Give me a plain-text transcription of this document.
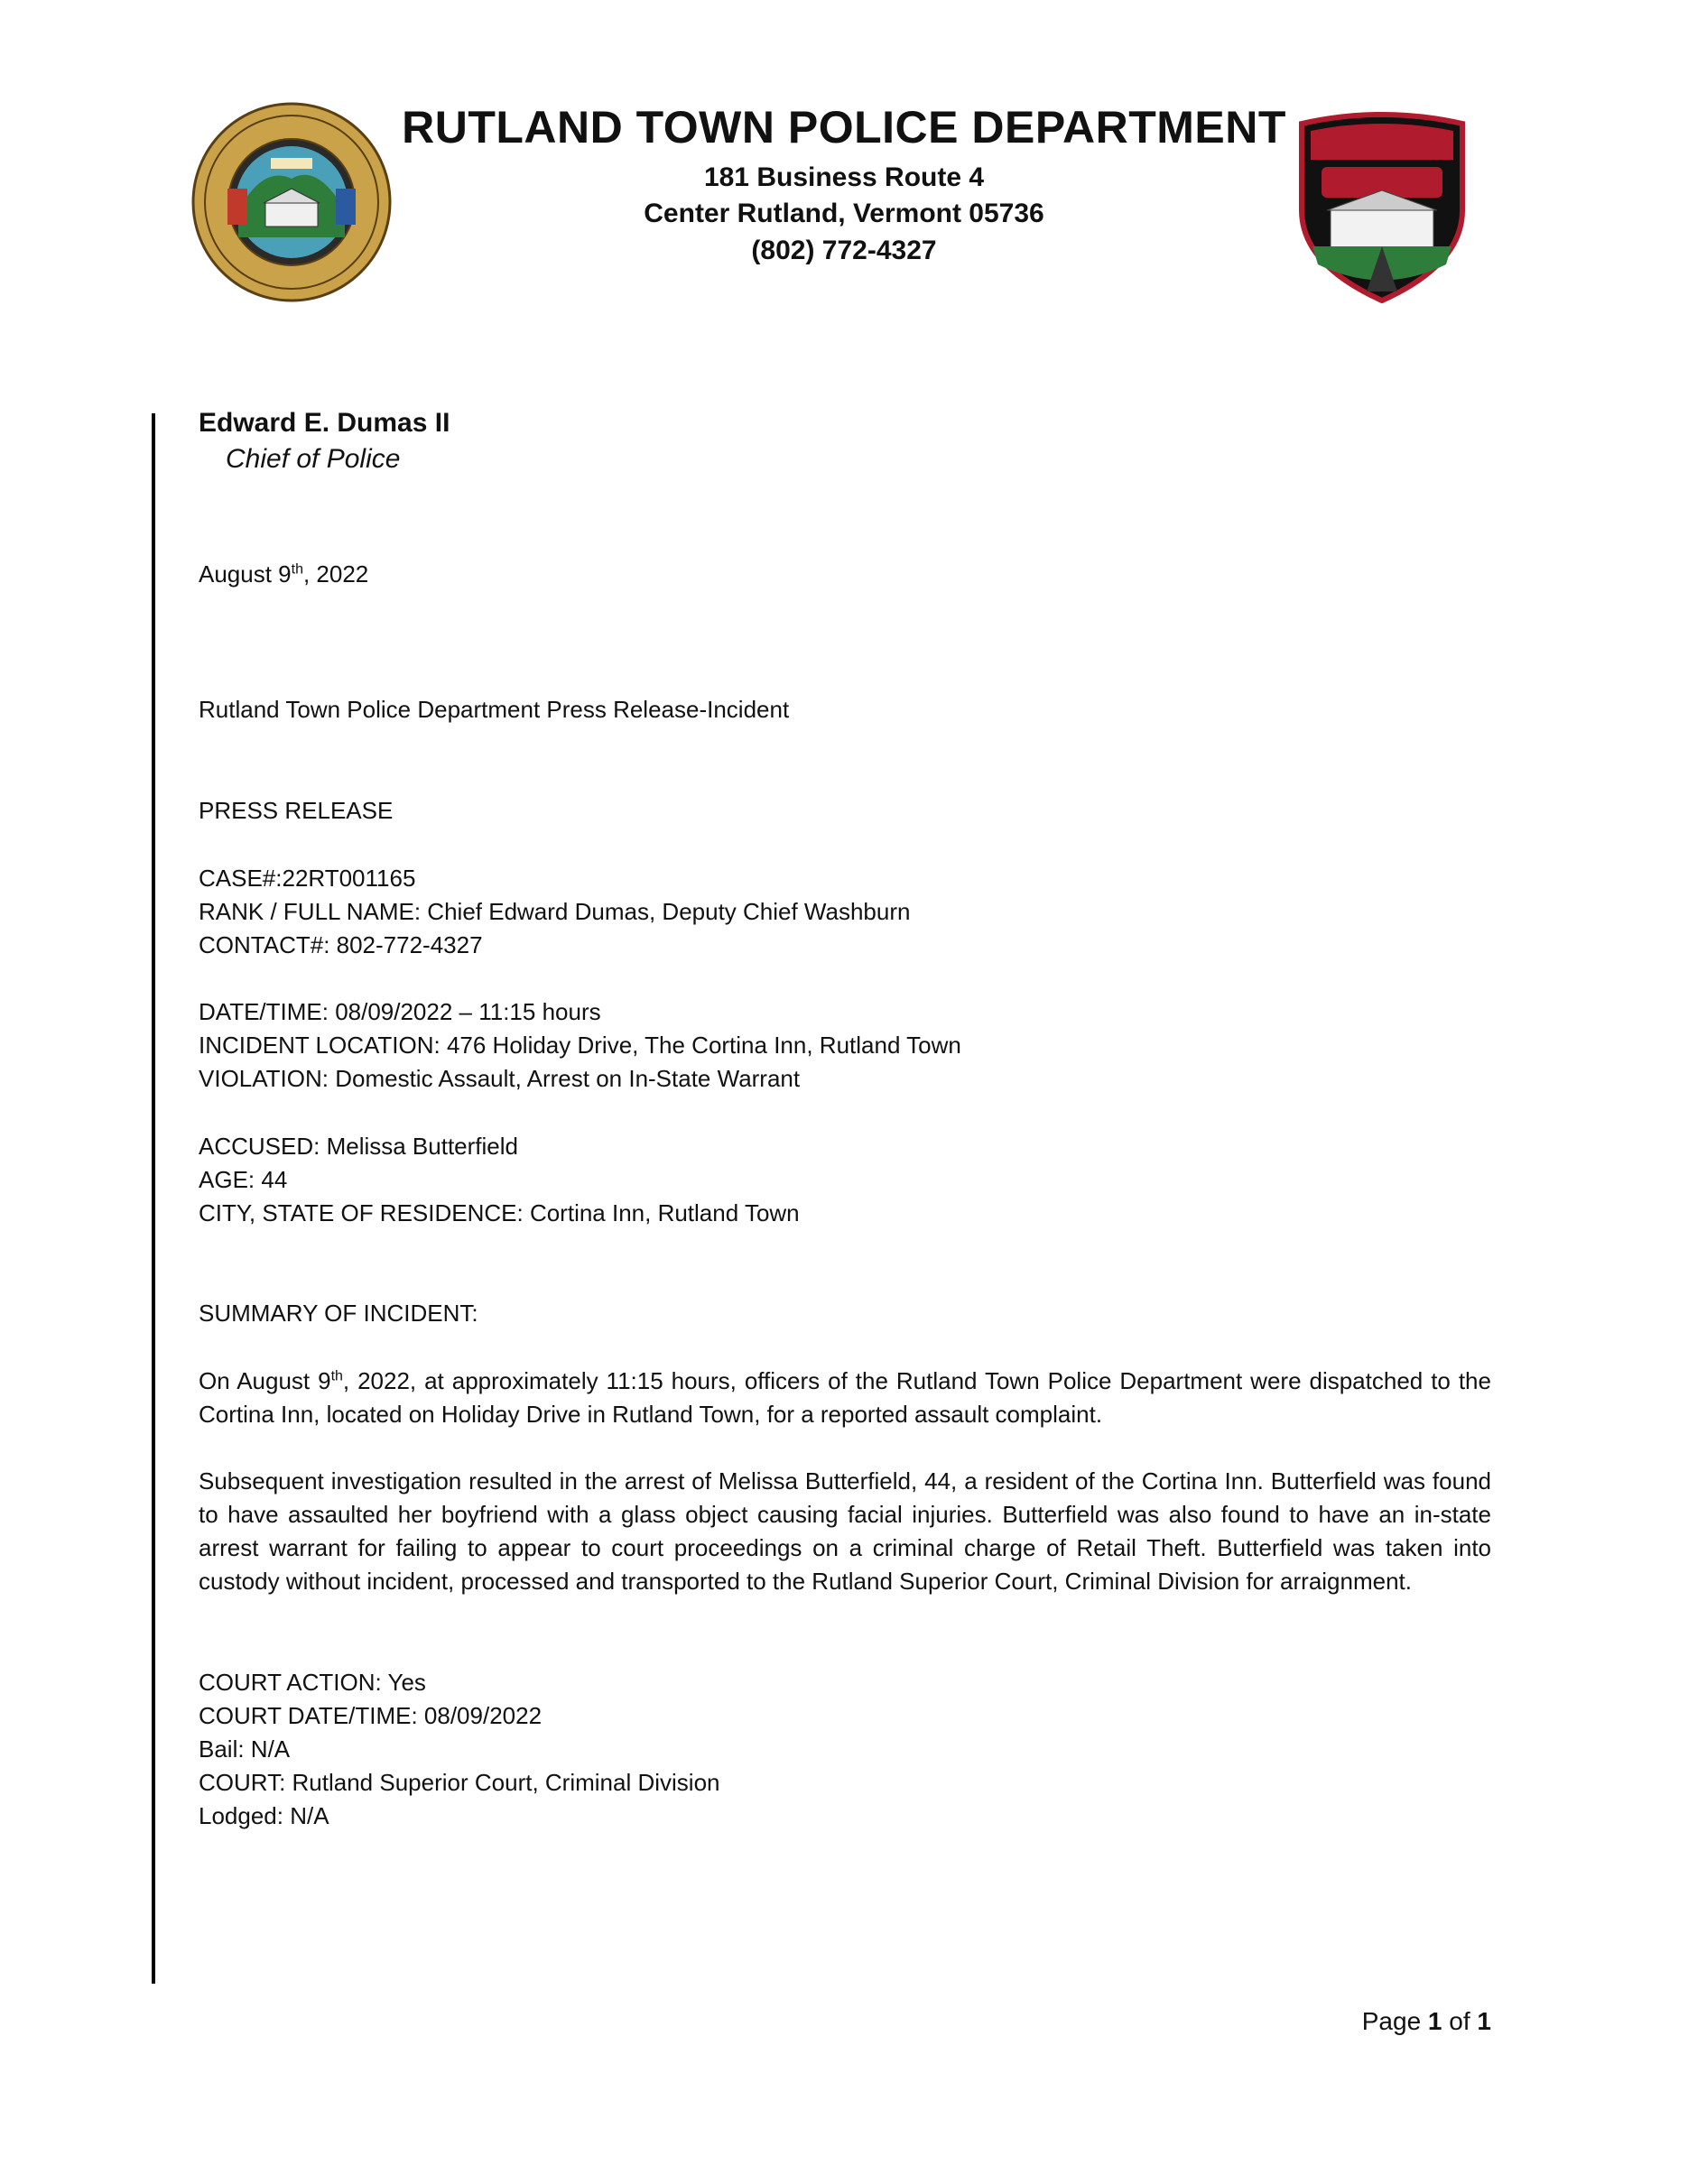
RUTLAND TOWN POLICE DEPARTMENT
181 Business Route 4
Center Rutland, Vermont 05736
(802) 772-4327
Edward E. Dumas II
Chief of Police
August 9th, 2022
Rutland Town Police Department Press Release-Incident
PRESS RELEASE
CASE#:22RT001165
RANK / FULL NAME: Chief Edward Dumas, Deputy Chief Washburn
CONTACT#: 802-772-4327
DATE/TIME: 08/09/2022 – 11:15 hours
INCIDENT LOCATION: 476 Holiday Drive, The Cortina Inn, Rutland Town
VIOLATION: Domestic Assault, Arrest on In-State Warrant
ACCUSED: Melissa Butterfield
AGE: 44
CITY, STATE OF RESIDENCE: Cortina Inn, Rutland Town
SUMMARY OF INCIDENT:
On August 9th, 2022, at approximately 11:15 hours, officers of the Rutland Town Police Department were dispatched to the Cortina Inn, located on Holiday Drive in Rutland Town, for a reported assault complaint.
Subsequent investigation resulted in the arrest of Melissa Butterfield, 44, a resident of the Cortina Inn. Butterfield was found to have assaulted her boyfriend with a glass object causing facial injuries. Butterfield was also found to have an in-state arrest warrant for failing to appear to court proceedings on a criminal charge of Retail Theft. Butterfield was taken into custody without incident, processed and transported to the Rutland Superior Court, Criminal Division for arraignment.
COURT ACTION: Yes
COURT DATE/TIME: 08/09/2022
Bail: N/A
COURT: Rutland Superior Court, Criminal Division
Lodged: N/A
Page 1 of 1
